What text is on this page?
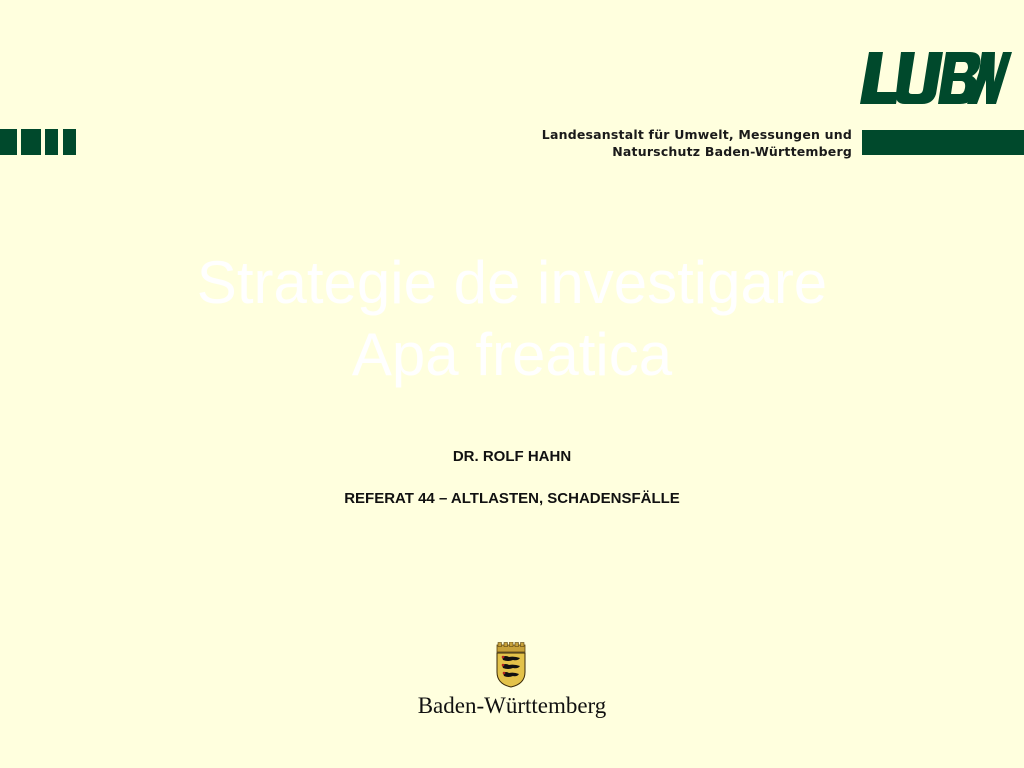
Landesanstalt für Umwelt, Messungen und
Naturschutz Baden-Württemberg
Strategie de investigare
Apa freatica
DR. ROLF HAHN
REFERAT 44 – ALTLASTEN, SCHADENSFÄLLE
Baden-Württemberg
